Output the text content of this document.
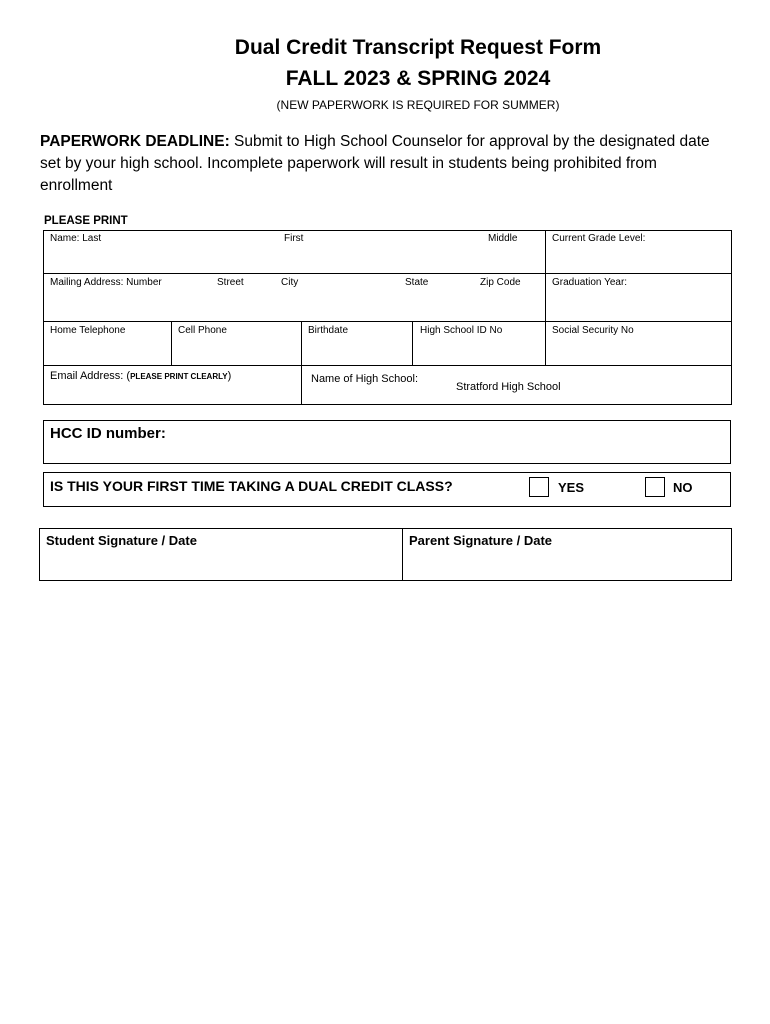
Dual Credit Transcript Request Form
FALL 2023 & SPRING 2024
(NEW PAPERWORK IS REQUIRED FOR SUMMER)
PAPERWORK DEADLINE: Submit to High School Counselor for approval by the designated date set by your high school. Incomplete paperwork will result in students being prohibited from enrollment
PLEASE PRINT
Name: Last First Middle				Current Grade Level:

Mailing Address: Number Street City State Zip Code				Graduation Year:

Home Telephone	Cell Phone	Birthdate	High School ID No	Social Security No

Email Address: (PLEASE PRINT CLEARLY)		Name of High School:
Stratford High School		
HCC ID number:
IS THIS YOUR FIRST TIME TAKING A DUAL CREDIT CLASS?	YES	NO
Student Signature / Date	Parent Signature / Date
